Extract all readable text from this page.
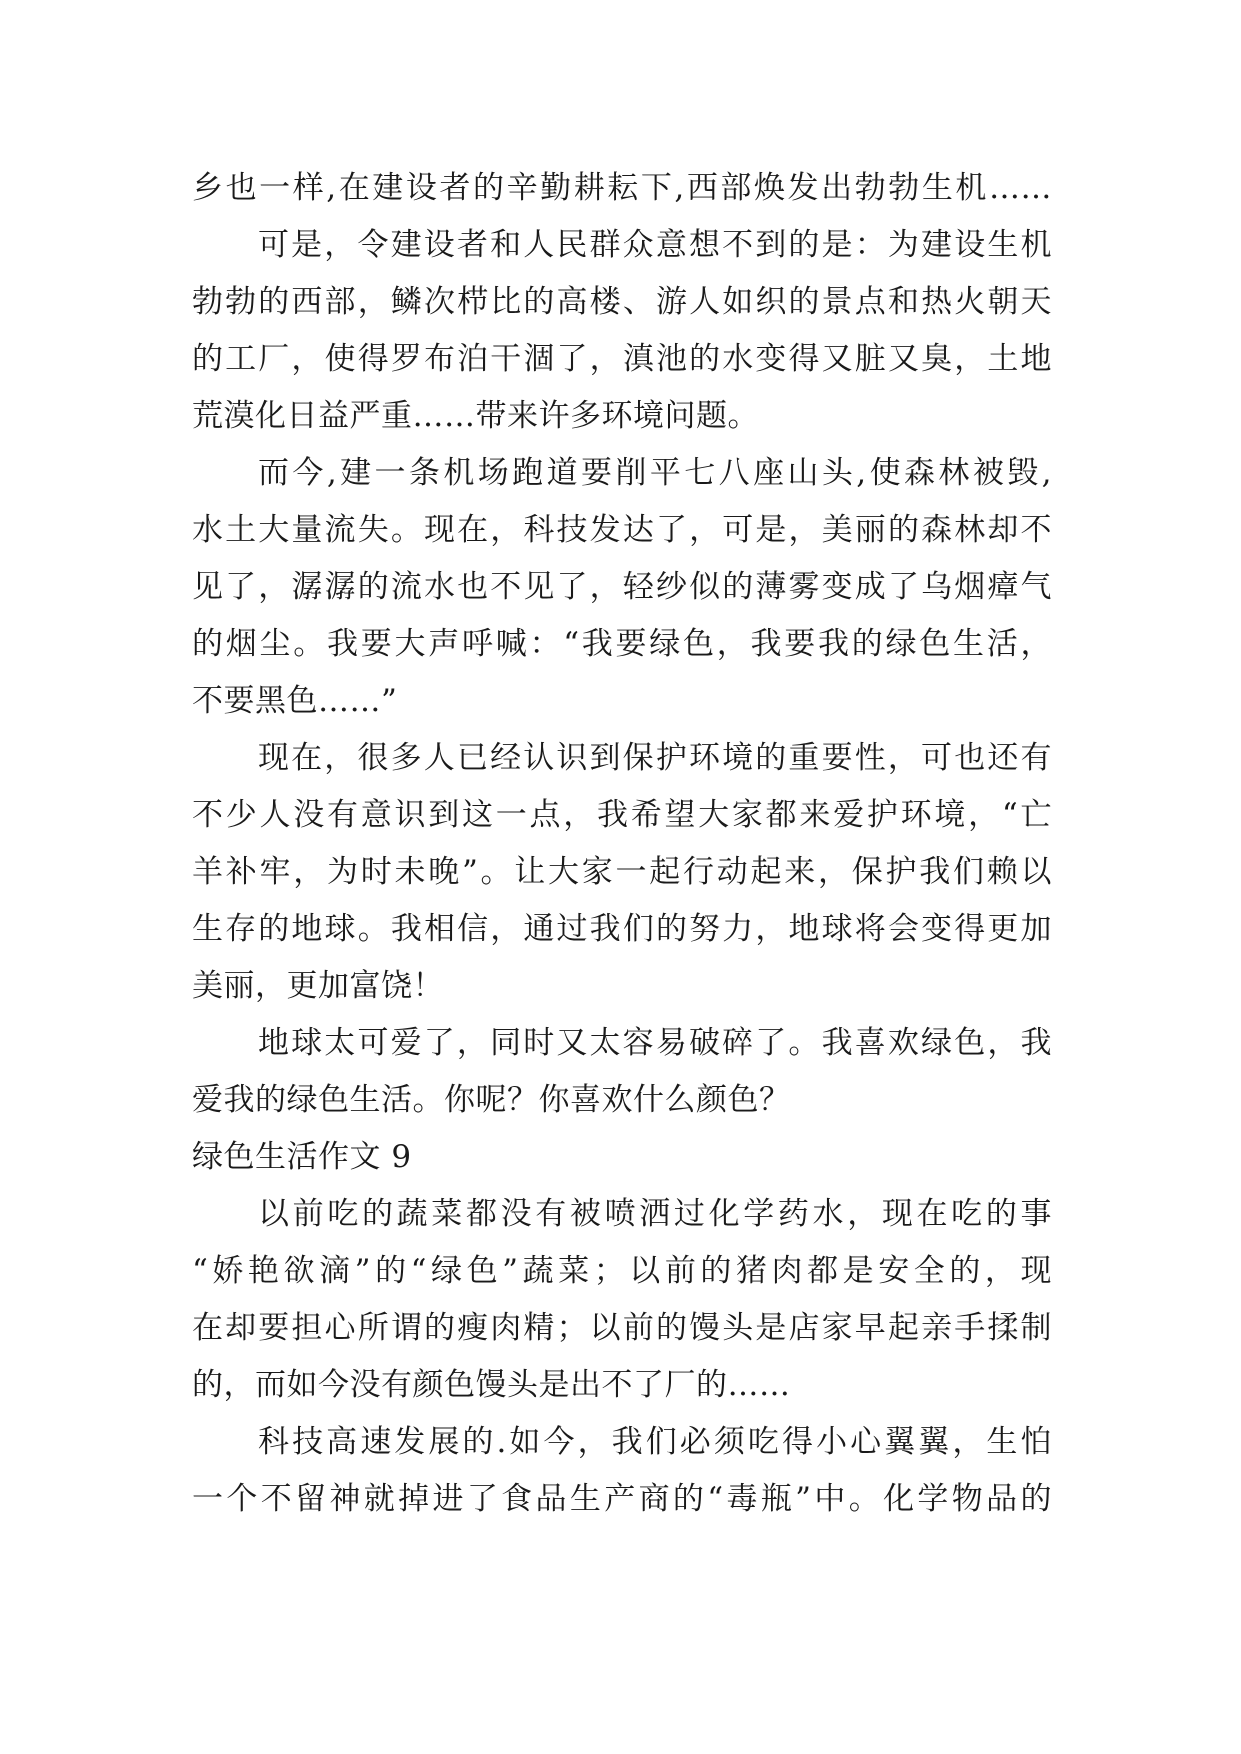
乡也一样,在建设者的辛勤耕耘下,西部焕发出勃勃生机……
可是，令建设者和人民群众意想不到的是：为建设生机
勃勃的西部，鳞次栉比的高楼、游人如织的景点和热火朝天
的工厂，使得罗布泊干涸了，滇池的水变得又脏又臭，土地
荒漠化日益严重……带来许多环境问题。
而今,建一条机场跑道要削平七八座山头,使森林被毁,
水土大量流失。现在，科技发达了，可是，美丽的森林却不
见了，潺潺的流水也不见了，轻纱似的薄雾变成了乌烟瘴气
的烟尘。我要大声呼喊：“我要绿色，我要我的绿色生活，
不要黑色……”
现在，很多人已经认识到保护环境的重要性，可也还有
不少人没有意识到这一点，我希望大家都来爱护环境，“亡
羊补牢，为时未晚”。让大家一起行动起来，保护我们赖以
生存的地球。我相信，通过我们的努力，地球将会变得更加
美丽，更加富饶！
地球太可爱了，同时又太容易破碎了。我喜欢绿色，我
爱我的绿色生活。你呢？你喜欢什么颜色？
绿色生活作文 9
以前吃的蔬菜都没有被喷洒过化学药水，现在吃的事
“娇艳欲滴”的“绿色”蔬菜；以前的猪肉都是安全的，现
在却要担心所谓的瘦肉精；以前的馒头是店家早起亲手揉制
的，而如今没有颜色馒头是出不了厂的……
科技高速发展的.如今，我们必须吃得小心翼翼，生怕
一个不留神就掉进了食品生产商的“毒瓶”中。化学物品的
